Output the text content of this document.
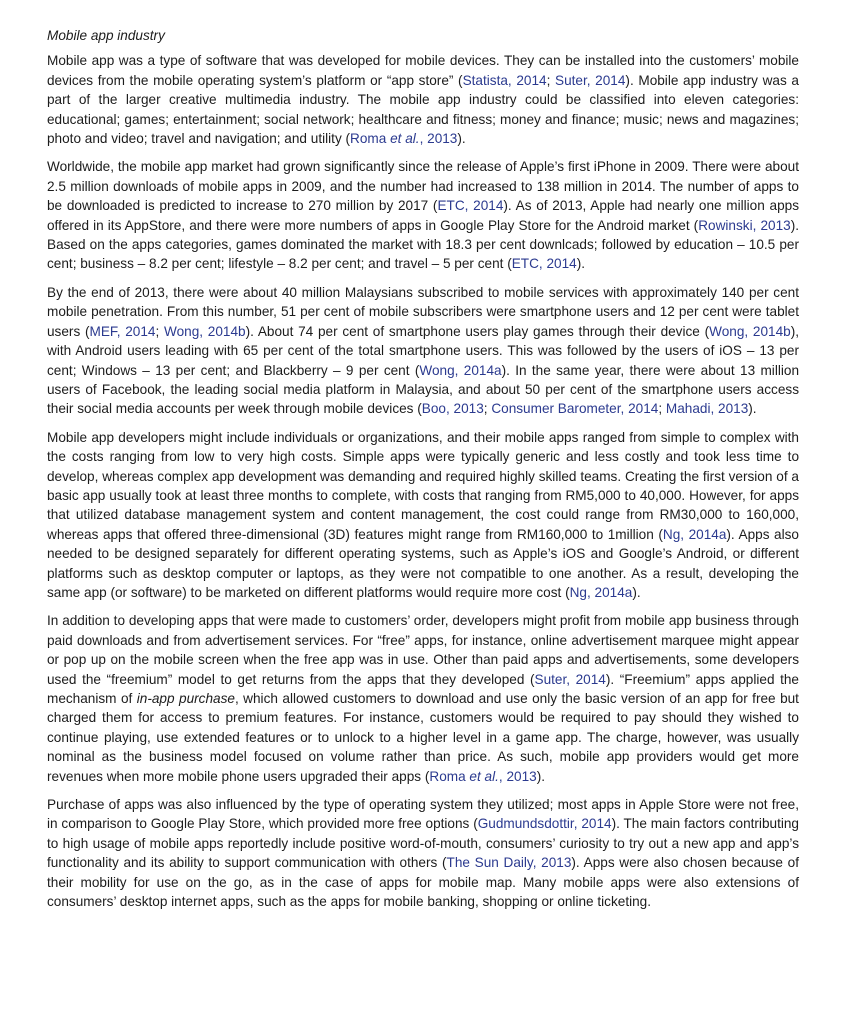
Mobile app industry

Mobile app was a type of software that was developed for mobile devices. They can be installed into the customers’ mobile devices from the mobile operating system’s platform or “app store” (Statista, 2014; Suter, 2014). Mobile app industry was a part of the larger creative multimedia industry. The mobile app industry could be classified into eleven categories: educational; games; entertainment; social network; healthcare and fitness; money and finance; music; news and magazines; photo and video; travel and navigation; and utility (Roma et al., 2013).

Worldwide, the mobile app market had grown significantly since the release of Apple’s first iPhone in 2009. There were about 2.5 million downloads of mobile apps in 2009, and the number had increased to 138 million in 2014. The number of apps to be downloaded is predicted to increase to 270 million by 2017 (ETC, 2014). As of 2013, Apple had nearly one million apps offered in its AppStore, and there were more numbers of apps in Google Play Store for the Android market (Rowinski, 2013). Based on the apps categories, games dominated the market with 18.3 per cent downlcads; followed by education – 10.5 per cent; business – 8.2 per cent; lifestyle – 8.2 per cent; and travel – 5 per cent (ETC, 2014).

By the end of 2013, there were about 40 million Malaysians subscribed to mobile services with approximately 140 per cent mobile penetration. From this number, 51 per cent of mobile subscribers were smartphone users and 12 per cent were tablet users (MEF, 2014; Wong, 2014b). About 74 per cent of smartphone users play games through their device (Wong, 2014b), with Android users leading with 65 per cent of the total smartphone users. This was followed by the users of iOS – 13 per cent; Windows – 13 per cent; and Blackberry – 9 per cent (Wong, 2014a). In the same year, there were about 13 million users of Facebook, the leading social media platform in Malaysia, and about 50 per cent of the smartphone users access their social media accounts per week through mobile devices (Boo, 2013; Consumer Barometer, 2014; Mahadi, 2013).

Mobile app developers might include individuals or organizations, and their mobile apps ranged from simple to complex with the costs ranging from low to very high costs. Simple apps were typically generic and less costly and took less time to develop, whereas complex app development was demanding and required highly skilled teams. Creating the first version of a basic app usually took at least three months to complete, with costs that ranging from RM5,000 to 40,000. However, for apps that utilized database management system and content management, the cost could range from RM30,000 to 160,000, whereas apps that offered three-dimensional (3D) features might range from RM160,000 to 1million (Ng, 2014a). Apps also needed to be designed separately for different operating systems, such as Apple’s iOS and Google’s Android, or different platforms such as desktop computer or laptops, as they were not compatible to one another. As a result, developing the same app (or software) to be marketed on different platforms would require more cost (Ng, 2014a).

In addition to developing apps that were made to customers’ order, developers might profit from mobile app business through paid downloads and from advertisement services. For “free” apps, for instance, online advertisement marquee might appear or pop up on the mobile screen when the free app was in use. Other than paid apps and advertisements, some developers used the “freemium” model to get returns from the apps that they developed (Suter, 2014). “Freemium” apps applied the mechanism of in-app purchase, which allowed customers to download and use only the basic version of an app for free but charged them for access to premium features. For instance, customers would be required to pay should they wished to continue playing, use extended features or to unlock to a higher level in a game app. The charge, however, was usually nominal as the business model focused on volume rather than price. As such, mobile app providers would get more revenues when more mobile phone users upgraded their apps (Roma et al., 2013).

Purchase of apps was also influenced by the type of operating system they utilized; most apps in Apple Store were not free, in comparison to Google Play Store, which provided more free options (Gudmundsdottir, 2014). The main factors contributing to high usage of mobile apps reportedly include positive word-of-mouth, consumers’ curiosity to try out a new app and app’s functionality and its ability to support communication with others (The Sun Daily, 2013). Apps were also chosen because of their mobility for use on the go, as in the case of apps for mobile map. Many mobile apps were also extensions of consumers’ desktop internet apps, such as the apps for mobile banking, shopping or online ticketing.
